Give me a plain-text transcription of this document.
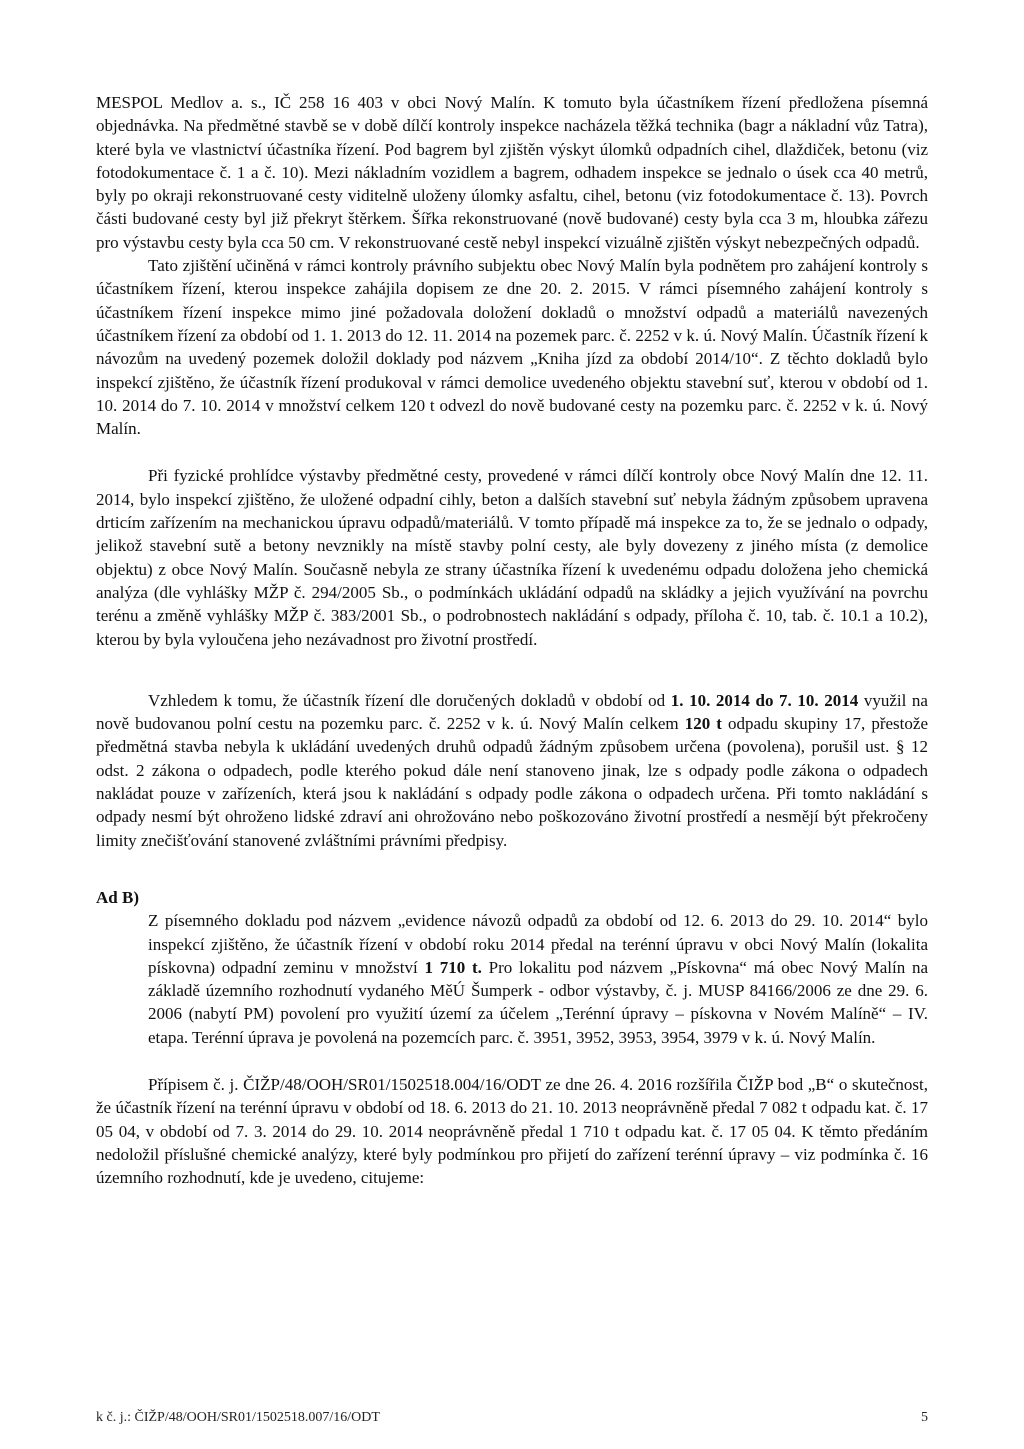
MESPOL Medlov a. s., IČ 258 16 403 v obci Nový Malín. K tomuto byla účastníkem řízení předložena písemná objednávka. Na předmětné stavbě se v době dílčí kontroly inspekce nacházela těžká technika (bagr a nákladní vůz Tatra), které byla ve vlastnictví účastníka řízení. Pod bagrem byl zjištěn výskyt úlomků odpadních cihel, dlaždiček, betonu (viz fotodokumentace č. 1 a č. 10). Mezi nákladním vozidlem a bagrem, odhadem inspekce se jednalo o úsek cca 40 metrů, byly po okraji rekonstruované cesty viditelně uloženy úlomky asfaltu, cihel, betonu (viz fotodokumentace č. 13). Povrch části budované cesty byl již překryt štěrkem. Šířka rekonstruované (nově budované) cesty byla cca 3 m, hloubka zářezu pro výstavbu cesty byla cca 50 cm. V rekonstruované cestě nebyl inspekcí vizuálně zjištěn výskyt nebezpečných odpadů.

Tato zjištění učiněná v rámci kontroly právního subjektu obec Nový Malín byla podnětem pro zahájení kontroly s účastníkem řízení, kterou inspekce zahájila dopisem ze dne 20. 2. 2015. V rámci písemného zahájení kontroly s účastníkem řízení inspekce mimo jiné požadovala doložení dokladů o množství odpadů a materiálů navezených účastníkem řízení za období od 1. 1. 2013 do 12. 11. 2014 na pozemek parc. č. 2252 v k. ú. Nový Malín. Účastník řízení k návozům na uvedený pozemek doložil doklady pod názvem „Kniha jízd za období 2014/10“. Z těchto dokladů bylo inspekcí zjištěno, že účastník řízení produkoval v rámci demolice uvedeného objektu stavební suť, kterou v období od 1. 10. 2014 do 7. 10. 2014 v množství celkem 120 t odvezl do nově budované cesty na pozemku parc. č. 2252 v k. ú. Nový Malín.

Při fyzické prohlídce výstavby předmětné cesty, provedené v rámci dílčí kontroly obce Nový Malín dne 12. 11. 2014, bylo inspekcí zjištěno, že uložené odpadní cihly, beton a dalších stavební suť nebyla žádným způsobem upravena drticím zařízením na mechanickou úpravu odpadů/materiálů. V tomto případě má inspekce za to, že se jednalo o odpady, jelikož stavební sutě a betony nevznikly na místě stavby polní cesty, ale byly dovezeny z jiného místa (z demolice objektu) z obce Nový Malín. Současně nebyla ze strany účastníka řízení k uvedenému odpadu doložena jeho chemická analýza (dle vyhlášky MŽP č. 294/2005 Sb., o podmínkách ukládání odpadů na skládky a jejich využívání na povrchu terénu a změně vyhlášky MŽP č. 383/2001 Sb., o podrobnostech nakládání s odpady, příloha č. 10, tab. č. 10.1 a 10.2), kterou by byla vyloučena jeho nezávadnost pro životní prostředí.

Vzhledem k tomu, že účastník řízení dle doručených dokladů v období od 1. 10. 2014 do 7. 10. 2014 využil na nově budovanou polní cestu na pozemku parc. č. 2252 v k. ú. Nový Malín celkem 120 t odpadu skupiny 17, přestože předmětná stavba nebyla k ukládání uvedených druhů odpadů žádným způsobem určena (povolena), porušil ust. § 12 odst. 2 zákona o odpadech, podle kterého pokud dále není stanoveno jinak, lze s odpady podle zákona o odpadech nakládat pouze v zařízeních, která jsou k nakládání s odpady podle zákona o odpadech určena. Při tomto nakládání s odpady nesmí být ohroženo lidské zdraví ani ohrožováno nebo poškozováno životní prostředí a nesmějí být překročeny limity znečišťování stanovené zvláštními právními předpisy.

Ad B)

Z písemného dokladu pod názvem „evidence návozů odpadů za období od 12. 6. 2013 do 29. 10. 2014“ bylo inspekcí zjištěno, že účastník řízení v období roku 2014 předal na terénní úpravu v obci Nový Malín (lokalita pískovna) odpadní zeminu v množství 1 710 t. Pro lokalitu pod názvem „Pískovna“ má obec Nový Malín na základě územního rozhodnutí vydaného MěÚ Šumperk - odbor výstavby, č. j. MUSP 84166/2006 ze dne 29. 6. 2006 (nabytí PM) povolení pro využití území za účelem „Terénní úpravy – pískovna v Novém Malíně“ – IV. etapa. Terénní úprava je povolená na pozemcích parc. č. 3951, 3952, 3953, 3954, 3979 v k. ú. Nový Malín.

Přípisem č. j. ČIŽP/48/OOH/SR01/1502518.004/16/ODT ze dne 26. 4. 2016 rozšířila ČIŽP bod „B“ o skutečnost, že účastník řízení na terénní úpravu v období od 18. 6. 2013 do 21. 10. 2013 neoprávněně předal 7 082 t odpadu kat. č. 17 05 04, v období od 7. 3. 2014 do 29. 10. 2014 neoprávněně předal 1 710 t odpadu kat. č. 17 05 04. K těmto předáním nedoložil příslušné chemické analýzy, které byly podmínkou pro přijetí do zařízení terénní úpravy – viz podmínka č. 16 územního rozhodnutí, kde je uvedeno, citujeme:

k č. j.: ČIŽP/48/OOH/SR01/1502518.007/16/ODT	5
